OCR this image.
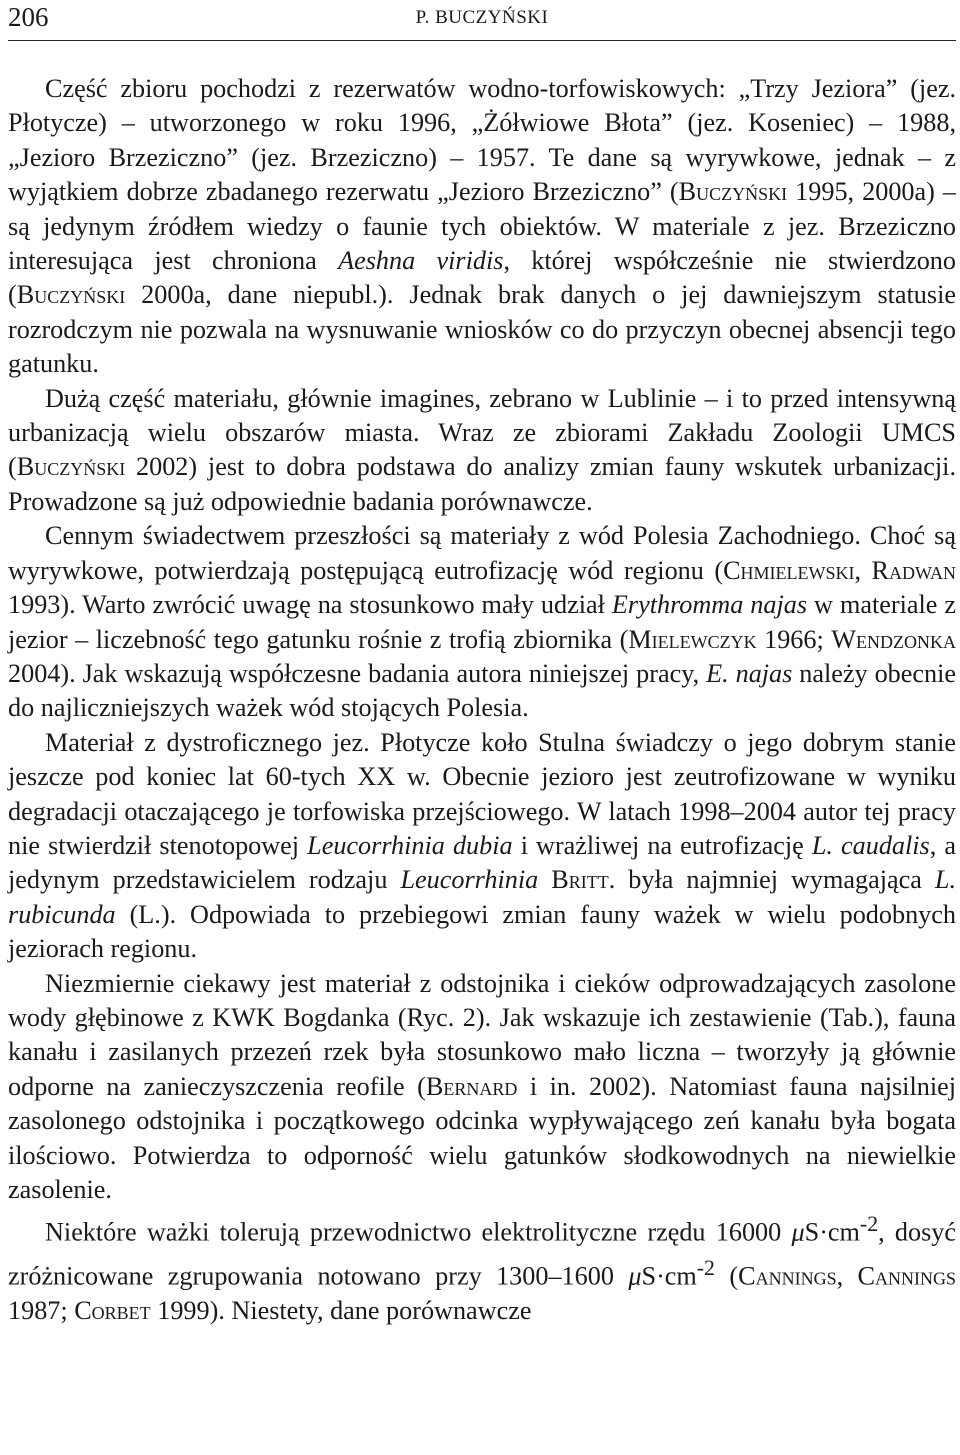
206	P. BUCZYŃSKI

Część zbioru pochodzi z rezerwatów wodno-torfowiskowych: „Trzy Jeziora” (jez. Płotycze) – utworzonego w roku 1996, „Żółwiowe Błota” (jez. Koseniec) – 1988, „Jezioro Brzeziczno” (jez. Brzeziczno) – 1957. Te dane są wyrywkowe, jednak – z wyjątkiem dobrze zbadanego rezerwatu „Jezioro Brzeziczno” (Buczyński 1995, 2000a) – są jedynym źródłem wiedzy o faunie tych obiektów. W materiale z jez. Brzeziczno interesująca jest chroniona Aeshna viridis, której współcześnie nie stwierdzono (Buczyński 2000a, dane niepubl.). Jednak brak danych o jej dawniejszym statusie rozrodczym nie pozwala na wysnuwanie wniosków co do przyczyn obecnej absencji tego gatunku.

Dużą część materiału, głównie imagines, zebrano w Lublinie – i to przed intensywną urbanizacją wielu obszarów miasta. Wraz ze zbiorami Zakładu Zoologii UMCS (Buczyński 2002) jest to dobra podstawa do analizy zmian fauny wskutek urbanizacji. Prowadzone są już odpowiednie badania porównawcze.

Cennym świadectwem przeszłości są materiały z wód Polesia Zachodniego. Choć są wyrywkowe, potwierdzają postępującą eutrofizację wód regionu (Chmielewski, Radwan 1993). Warto zwrócić uwagę na stosunkowo mały udział Erythromma najas w materiale z jezior – liczebność tego gatunku rośnie z trofią zbiornika (Mielewczyk 1966; Wendzonka 2004). Jak wskazują współczesne badania autora niniejszej pracy, E. najas należy obecnie do najliczniejszych ważek wód stojących Polesia.

Materiał z dystroficznego jez. Płotycze koło Stulna świadczy o jego dobrym stanie jeszcze pod koniec lat 60-tych XX w. Obecnie jezioro jest zeutrofizowane w wyniku degradacji otaczającego je torfowiska przejściowego. W latach 1998–2004 autor tej pracy nie stwierdził stenotopowej Leucorrhinia dubia i wrażliwej na eutrofizację L. caudalis, a jedynym przedstawicielem rodzaju Leucorrhinia Britt. była najmniej wymagająca L. rubicunda (L.). Odpowiada to przebiegowi zmian fauny ważek w wielu podobnych jeziorach regionu.

Niezmiernie ciekawy jest materiał z odstojnika i cieków odprowadzających zasolone wody głębinowe z KWK Bogdanka (Ryc. 2). Jak wskazuje ich zestawienie (Tab.), fauna kanału i zasilanych przezeń rzek była stosunkowo mało liczna – tworzyły ją głównie odporne na zanieczyszczenia reofile (Bernard i in. 2002). Natomiast fauna najsilniej zasolonego odstojnika i początkowego odcinka wypływającego zeń kanału była bogata ilościowo. Potwierdza to odporność wielu gatunków słodkowodnych na niewielkie zasolenie.

Niektóre ważki tolerują przewodnictwo elektrolityczne rzędu 16000 $\mu S\cdot cm^{-2}$, dosyć zróżnicowane zgrupowania notowano przy 1300–1600 $\mu S\cdot cm^{-2}$ (Cannings, Cannings 1987; Corbet 1999). Niestety, dane porównawcze
